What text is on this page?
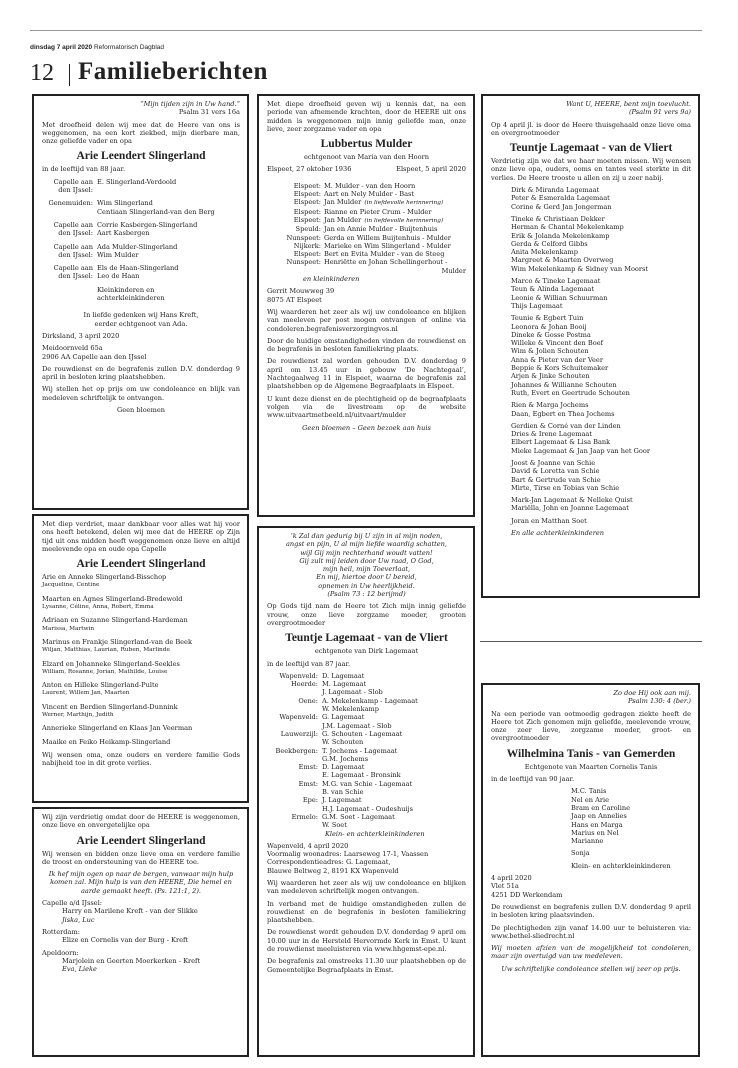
dinsdag 7 april 2020 Reformatorisch Dagblad
12 Familieberichten

“Mijn tijden zijn in Uw hand.”

Psalm 31 vers 16a

Met droefheid delen wij mee dat de Heere van ons is weggenomen, na een kort ziekbed, mijn dierbare man, onze geliefde vader en opa

Arie Leendert Slingerland

in de leeftijd van 88 jaar.

Capelle aan den IJssel:
E. Slingerland-Verdoold
Genemuiden: Wim Slingerland
Centiaan Slingerland-van den Berg
Capelle aan den IJssel:
Corrie Kasbergen-Slingerland
Aart Kasbergen
Capelle aan den IJssel:
Ada Mulder-Slingerland
Wim Mulder
Capelle aan den IJssel:
Els de Haan-Slingerland
Leo de Haan
Kleinkinderen en
achterkleinkinderen

In liefde gedenken wij Hans Kreft,

eerder echtgenoot van Ada.

Dirksland, 3 april 2020

Meidoornveld 65a

2906 AA Capelle aan den IJssel

De rouwdienst en de begrafenis zullen D.V. donderdag 9 april in besloten kring plaatshebben.

Wij stellen het op prijs om uw condoleance en blijk van medeleven schriftelijk te ontvangen.

Geen bloemen

Met diep verdriet, maar dankbaar voor alles wat hij voor ons heeft betekend, delen wij mee dat de HEERE op Zijn tijd uit ons midden heeft weggenomen onze lieve en altijd meelevende opa en oude opa Capelle

Arie Leendert Slingerland
Arie en Anneke Slingerland-Bisschop
Jacqueline, Centine
Maarten en Agnes Slingerland-Bredewold
Lysanne, Céline, Anna, Robert, Emma
Adriaan en Suzanne Slingerland-Hardeman
Marissa, Martwin
Marinus en Frankje Slingerland-van de Beek
Wiljan, Matthias, Laurian, Ruben, Marlinde
Elzard en Johanneke Slingerland-Seekles
William, Rosanne, Jorian, Mathilde, Louise
Anton en Hilleke Slingerland-Pulte
Laurent, Willem Jan, Maarten
Vincent en Berdien Slingerland-Dunnink
Werner, Marthijn, Judith
Annerieke Slingerland en Klaas Jan Veerman
Maaike en Feiko Heikamp-Slingerland

Wij wensen oma, onze ouders en verdere familie Gods nabijheid toe in dit grote verlies.

Wij zijn verdrietig omdat door de HEERE is weggenomen, onze lieve en onvergetelijke opa

Arie Leendert Slingerland

Wij wensen en bidden onze lieve oma en verdere familie de troost en ondersteuning van de HEERE toe.

Ik hef mijn ogen op naar de bergen, vanwaar mijn hulp komen zal. Mijn hulp is van den HEERE, Die hemel en aarde gemaakt heeft. (Ps. 121:1, 2).

Capelle a/d IJssel:
Harry en Marilene Kreft - van der Slikke
Jiska, Luc
Rotterdam:
Elize en Cornelis van der Burg - Kreft
Apeldoorn:
Marjolein en Geerten Moerkerken - Kreft
Eva, Lieke

Met diepe droefheid geven wij u kennis dat, na een periode van afnemende krachten, door de HEERE uit ons midden is weggenomen mijn innig geliefde man, onze lieve, zeer zorgzame vader en opa

Lubbertus Mulder

echtgenoot van Maria van den Hoorn

Elspeet, 27 oktober 1936	Elspeet, 5 april 2020
Elspeet: M. Mulder - van den Hoorn
Elspeet: Aart en Nely Mulder - Bast
Elspeet: Jan Mulder (in liefdevolle herinnering)
Elspeet: Rianne en Pieter Crum - Mulder
Elspeet: Jan Mulder (in liefdevolle herinnering)
Speuld: Jan en Annie Mulder - Buijtenhuis
Nunspeet: Gerda en Willem Buijtenhuis - Mulder
Nijkerk: Marieke en Wim Slingerland - Mulder
Elspeet: Bert en Evita Mulder - van de Steeg
Nunspeet: Henriëtte en Johan Schellingerhout -

Mulder

en kleinkinderen

Gerrit Mouwweg 39

8075 AT Elspeet

Wij waarderen het zeer als wij uw condoleance en blijken van meeleven per post mogen ontvangen of online via condoleren.begrafenisverzorgingvos.nl

Door de huidige omstandigheden vinden de rouwdienst en de begrafenis in besloten familiekring plaats.

De rouwdienst zal worden gehouden D.V. donderdag 9 april om 13.45 uur in gebouw ‘De Nachtegaal’, Nachtegaalweg 11 in Elspeet, waarna de begrafenis zal plaatshebben op de Algemene Begraafplaats in Elspeet.

U kunt deze dienst en de plechtigheid op de begraafplaats volgen via de livestream op de website www.uitvaartmetbeeld.nl/uitvaart/mulder

Geen bloemen – Geen bezoek aan huis

’k Zal dan gedurig bij U zijn in al mijn noden,
angst en pijn, U al mijn liefde waardig schatten,
wijl Gij mijn rechterhand woudt vatten!
Gij zult mij leiden door Uw raad, O God,
mijn heil, mijn Toeverlaat,
En mij, hiertoe door U bereid,
opnemen in Uw heerlijkheid.
(Psalm 73 : 12 berijmd)

Op Gods tijd nam de Heere tot Zich mijn innig geliefde vrouw, onze lieve zorgzame moeder, grooten overgrootmoeder

Teuntje Lagemaat - van de Vliert

echtgenote van Dirk Lagemaat

in de leeftijd van 87 jaar.

Wapenveld: D. Lagemaat
Heerde: M. Lagemaat
J. Lagemaat - Slob
Oene: A. Mekelenkamp - Lagemaat
W. Mekelenkamp
Wapenveld: G. Lagemaat
J.M. Lagemaat - Slob
Lauwerzijl: G. Schouten - Lagemaat
W. Schouten
Beekbergen: T. Jochems - Lagemaat
G.M. Jochems
Emst: D. Lagemaat
E. Lagemaat - Bronsink
Emst: M.G. van Schie - Lagemaat
B. van Schie
Epe: J. Lagemaat
H.J. Lagemaat - Oudeshuijs
Ermelo: G.M. Soet - Lagemaat
W. Soet

Klein- en achterkleinkinderen

Wapenveld, 4 april 2020

Voormalig woonadres: Laarseweg 17-1, Vaassen

Correspondentieadres: G. Lagemaat,

Blauwe Beltweg 2, 8191 KX Wapenveld

Wij waarderen het zeer als wij uw condoleance en blijken van medeleven schriftelijk mogen ontvangen.

In verband met de huidige omstandigheden zullen de rouwdienst en de begrafenis in besloten familiekring plaatshebben.

De rouwdienst wordt gehouden D.V. donderdag 9 april om 10.00 uur in de Hersteld Hervormde Kerk in Emst. U kunt de rouwdienst meeluisteren via www.hhgemst-epe.nl.

De begrafenis zal omstreeks 11.30 uur plaatshebben op de Gemeentelijke Begraafplaats in Emst.

Want U, HEERE, bent mijn toevlucht.

(Psalm 91 vers 9a)

Op 4 april jl. is door de Heere thuisgehaald onze lieve oma en overgrootmoeder

Teuntje Lagemaat - van de Vliert

Verdrietig zijn we dat we haar moeten missen. Wij wensen onze lieve opa, ouders, ooms en tantes veel sterkte in dit verlies. De Heere trooste u allen en zij u zeer nabij.

Dirk & Miranda Lagemaat
Peter & Esmeralda Lagemaat
Corine & Gerd Jan Jongerman
Tineke & Christiaan Dekker
Herman & Chantal Mekelenkamp
Erik & Jolanda Mekelenkamp
Gerda & Celford Gibbs
Anita Mekelenkamp
Margreet & Maarten Overweg
Wim Mekelenkamp & Sidney van Moorst
Marco & Tineke Lagemaat
Teun & Alinda Lagemaat
Leonie & Willian Schuurman
Thijs Lagemaat
Teunie & Egbert Tuin
Leonora & Johan Booij
Dineke & Gosse Postma
Willeke & Vincent den Boef
Wim & Jolien Schouten
Anna & Pieter van der Veer
Beppie & Kors Schuitemaker
Arjen & Jinke Schouten
Johannes & Willianne Schouten
Ruth, Evert en Geertrude Schouten
Rien & Marga Jochems
Daan, Egbert en Thea Jochems
Gerdien & Corné van der Linden
Dries & Irene Lagemaat
Elbert Lagemaat & Lisa Bank
Mieke Lagemaat & Jan Jaap van het Goor
Joost & Joanne van Schie
David & Loretta van Schie
Bart & Gertrude van Schie
Mirte, Tirse en Tobias van Schie
Mark-Jan Lagemaat & Nelleke Quist
Mariëlla, John en Joanne Lagemaat
Joran en Matthan Soet

En alle achterkleinkinderen

Zo doe Hij ook aan mij.

Psalm 130: 4 (ber.)

Na een periode van ootmoedig gedragen ziekte heeft de Heere tot Zich genomen mijn geliefde, meelevende vrouw, onze zeer lieve, zorgzame moeder, groot- en overgrootmoeder

Wilhelmina Tanis - van Gemerden

Echtgenote van Maarten Cornelis Tanis

in de leeftijd van 90 jaar.

M.C. Tanis
Nel en Arie
Bram en Caroline
Jaap en Annelies
Hans en Marga
Marius en Nel
Marianne

Sonja

Klein- en achterkleinkinderen

4 april 2020

Vlet 51a

4251 DD Werkendam

De rouwdienst en begrafenis zullen D.V. donderdag 9 april in besloten kring plaatsvinden.

De plechtigheden zijn vanaf 14.00 uur te beluisteren via: www.bethel-sliedrecht.nl

Wij moeten afzien van de mogelijkheid tot condoleren, maar zijn overtuigd van uw medeleven.

Uw schriftelijke condoleance stellen wij zeer op prijs.
